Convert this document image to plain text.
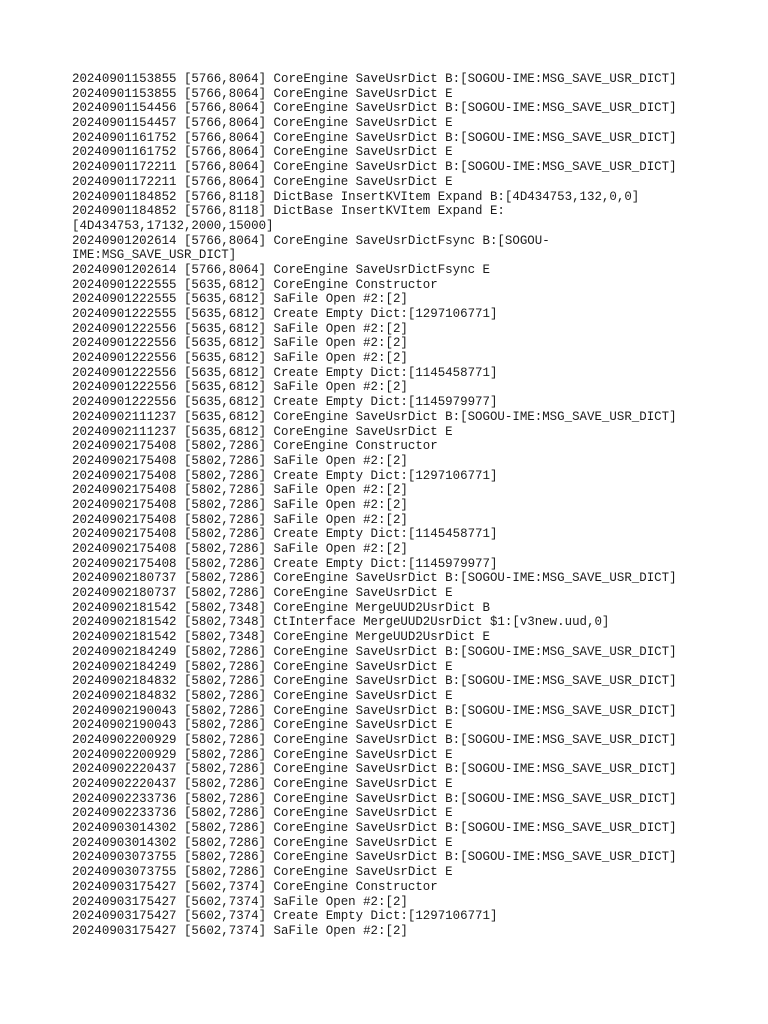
20240901153855 [5766,8064] CoreEngine SaveUsrDict B:[SOGOU-IME:MSG_SAVE_USR_DICT]
20240901153855 [5766,8064] CoreEngine SaveUsrDict E
20240901154456 [5766,8064] CoreEngine SaveUsrDict B:[SOGOU-IME:MSG_SAVE_USR_DICT]
20240901154457 [5766,8064] CoreEngine SaveUsrDict E
20240901161752 [5766,8064] CoreEngine SaveUsrDict B:[SOGOU-IME:MSG_SAVE_USR_DICT]
20240901161752 [5766,8064] CoreEngine SaveUsrDict E
20240901172211 [5766,8064] CoreEngine SaveUsrDict B:[SOGOU-IME:MSG_SAVE_USR_DICT]
20240901172211 [5766,8064] CoreEngine SaveUsrDict E
20240901184852 [5766,8118] DictBase InsertKVItem Expand B:[4D434753,132,0,0]
20240901184852 [5766,8118] DictBase InsertKVItem Expand E:
[4D434753,17132,2000,15000]
20240901202614 [5766,8064] CoreEngine SaveUsrDictFsync B:[SOGOU-
IME:MSG_SAVE_USR_DICT]
20240901202614 [5766,8064] CoreEngine SaveUsrDictFsync E
20240901222555 [5635,6812] CoreEngine Constructor
20240901222555 [5635,6812] SaFile Open #2:[2]
20240901222555 [5635,6812] Create Empty Dict:[1297106771]
20240901222556 [5635,6812] SaFile Open #2:[2]
20240901222556 [5635,6812] SaFile Open #2:[2]
20240901222556 [5635,6812] SaFile Open #2:[2]
20240901222556 [5635,6812] Create Empty Dict:[1145458771]
20240901222556 [5635,6812] SaFile Open #2:[2]
20240901222556 [5635,6812] Create Empty Dict:[1145979977]
20240902111237 [5635,6812] CoreEngine SaveUsrDict B:[SOGOU-IME:MSG_SAVE_USR_DICT]
20240902111237 [5635,6812] CoreEngine SaveUsrDict E
20240902175408 [5802,7286] CoreEngine Constructor
20240902175408 [5802,7286] SaFile Open #2:[2]
20240902175408 [5802,7286] Create Empty Dict:[1297106771]
20240902175408 [5802,7286] SaFile Open #2:[2]
20240902175408 [5802,7286] SaFile Open #2:[2]
20240902175408 [5802,7286] SaFile Open #2:[2]
20240902175408 [5802,7286] Create Empty Dict:[1145458771]
20240902175408 [5802,7286] SaFile Open #2:[2]
20240902175408 [5802,7286] Create Empty Dict:[1145979977]
20240902180737 [5802,7286] CoreEngine SaveUsrDict B:[SOGOU-IME:MSG_SAVE_USR_DICT]
20240902180737 [5802,7286] CoreEngine SaveUsrDict E
20240902181542 [5802,7348] CoreEngine MergeUUD2UsrDict B
20240902181542 [5802,7348] CtInterface MergeUUD2UsrDict $1:[v3new.uud,0]
20240902181542 [5802,7348] CoreEngine MergeUUD2UsrDict E
20240902184249 [5802,7286] CoreEngine SaveUsrDict B:[SOGOU-IME:MSG_SAVE_USR_DICT]
20240902184249 [5802,7286] CoreEngine SaveUsrDict E
20240902184832 [5802,7286] CoreEngine SaveUsrDict B:[SOGOU-IME:MSG_SAVE_USR_DICT]
20240902184832 [5802,7286] CoreEngine SaveUsrDict E
20240902190043 [5802,7286] CoreEngine SaveUsrDict B:[SOGOU-IME:MSG_SAVE_USR_DICT]
20240902190043 [5802,7286] CoreEngine SaveUsrDict E
20240902200929 [5802,7286] CoreEngine SaveUsrDict B:[SOGOU-IME:MSG_SAVE_USR_DICT]
20240902200929 [5802,7286] CoreEngine SaveUsrDict E
20240902220437 [5802,7286] CoreEngine SaveUsrDict B:[SOGOU-IME:MSG_SAVE_USR_DICT]
20240902220437 [5802,7286] CoreEngine SaveUsrDict E
20240902233736 [5802,7286] CoreEngine SaveUsrDict B:[SOGOU-IME:MSG_SAVE_USR_DICT]
20240902233736 [5802,7286] CoreEngine SaveUsrDict E
20240903014302 [5802,7286] CoreEngine SaveUsrDict B:[SOGOU-IME:MSG_SAVE_USR_DICT]
20240903014302 [5802,7286] CoreEngine SaveUsrDict E
20240903073755 [5802,7286] CoreEngine SaveUsrDict B:[SOGOU-IME:MSG_SAVE_USR_DICT]
20240903073755 [5802,7286] CoreEngine SaveUsrDict E
20240903175427 [5602,7374] CoreEngine Constructor
20240903175427 [5602,7374] SaFile Open #2:[2]
20240903175427 [5602,7374] Create Empty Dict:[1297106771]
20240903175427 [5602,7374] SaFile Open #2:[2]
